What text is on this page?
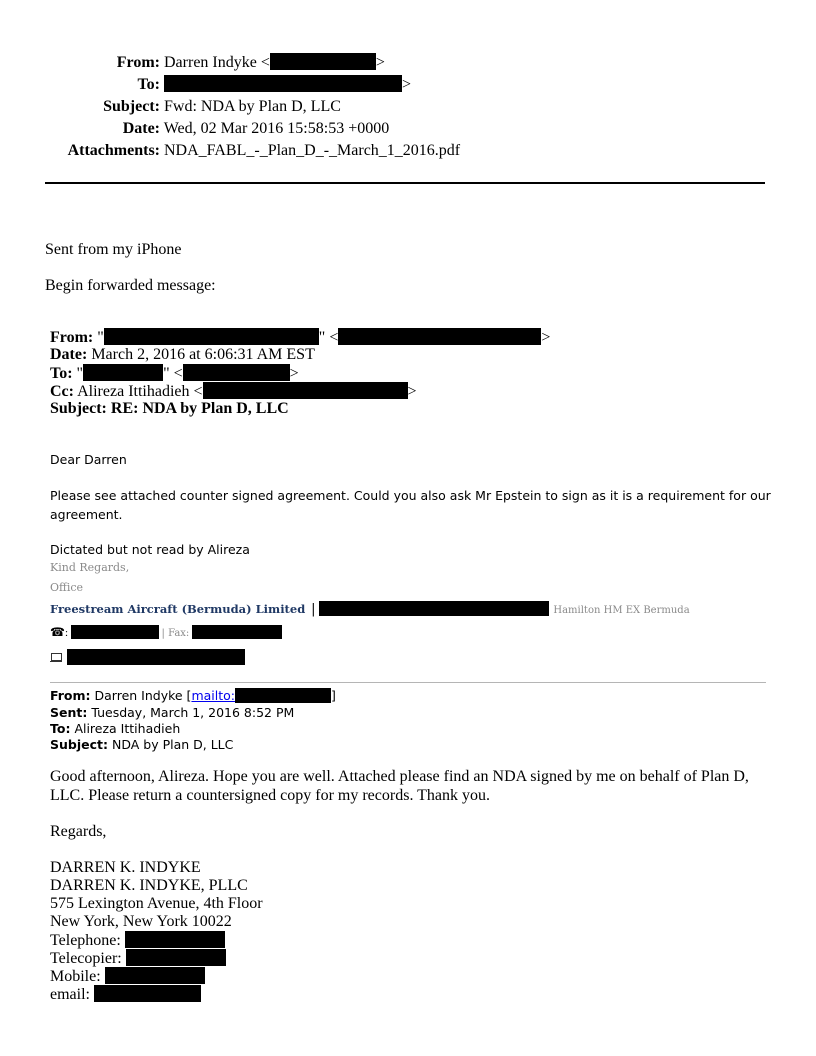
From: Darren Indyke <	>
To:	>
Subject: Fwd: NDA by Plan D, LLC
Date: Wed, 02 Mar 2016 15:58:53 +0000
Attachments: NDA_FABL_-_Plan_D_-_March_1_2016.pdf
Sent from my iPhone
Begin forwarded message:
From: "	" <	>
Date: March 2, 2016 at 6:06:31 AM EST
To: "	" <	>
Cc: Alireza Ittihadieh <	>
Subject: RE: NDA by Plan D, LLC
Dear Darren
Please see attached counter signed agreement. Could you also ask Mr Epstein to sign as it is a requirement for our
agreement.
Dictated but not read by Alireza
Kind Regards,
Office
Freestream Aircraft (Bermuda) Limited |	Hamilton HM EX Bermuda
☎:	| Fax:

From: Darren Indyke [mailto:	]
Sent: Tuesday, March 1, 2016 8:52 PM
To: Alireza Ittihadieh
Subject: NDA by Plan D, LLC
Good afternoon, Alireza. Hope you are well. Attached please find an NDA signed by me on behalf of Plan D,
LLC. Please return a countersigned copy for my records. Thank you.
Regards,
DARREN K. INDYKE
DARREN K. INDYKE, PLLC
575 Lexington Avenue, 4th Floor
New York, New York 10022
Telephone:
Telecopier:
Mobile:
email:
